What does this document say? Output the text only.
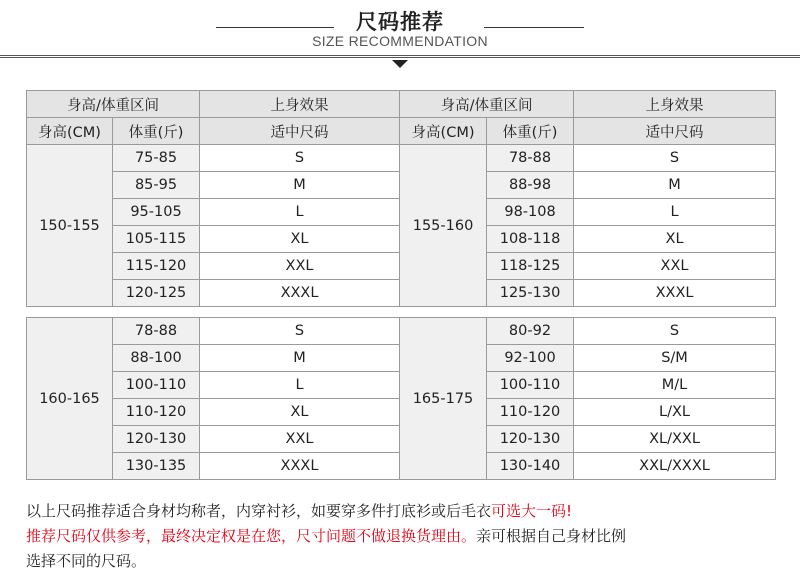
尺码推荐
SIZE RECOMMENDATION
身高/体重区间		上身效果	身高/体重区间		上身效果
身高(CM)	体重(斤)	适中尺码	身高(CM)	体重(斤)	适中尺码
150-155	75-85	S	155-160	78-88	S
	85-95	M		88-98	M
	95-105	L		98-108	L
	105-115	XL		108-118	XL
	115-120	XXL		118-125	XXL
	120-125	XXXL		125-130	XXXL
160-165	78-88	S	165-175	80-92	S
	88-100	M		92-100	S/M
	100-110	L		100-110	M/L
	110-120	XL		110-120	L/XL
	120-130	XXL		120-130	XL/XXL
	130-135	XXXL		130-140	XXL/XXXL

以上尺码推荐适合身材均称者，内穿衬衫，如要穿多件打底衫或后毛衣可选大一码!

推荐尺码仅供参考，最终决定权是在您，尺寸问题不做退换货理由。亲可根据自己身材比例

选择不同的尺码。
